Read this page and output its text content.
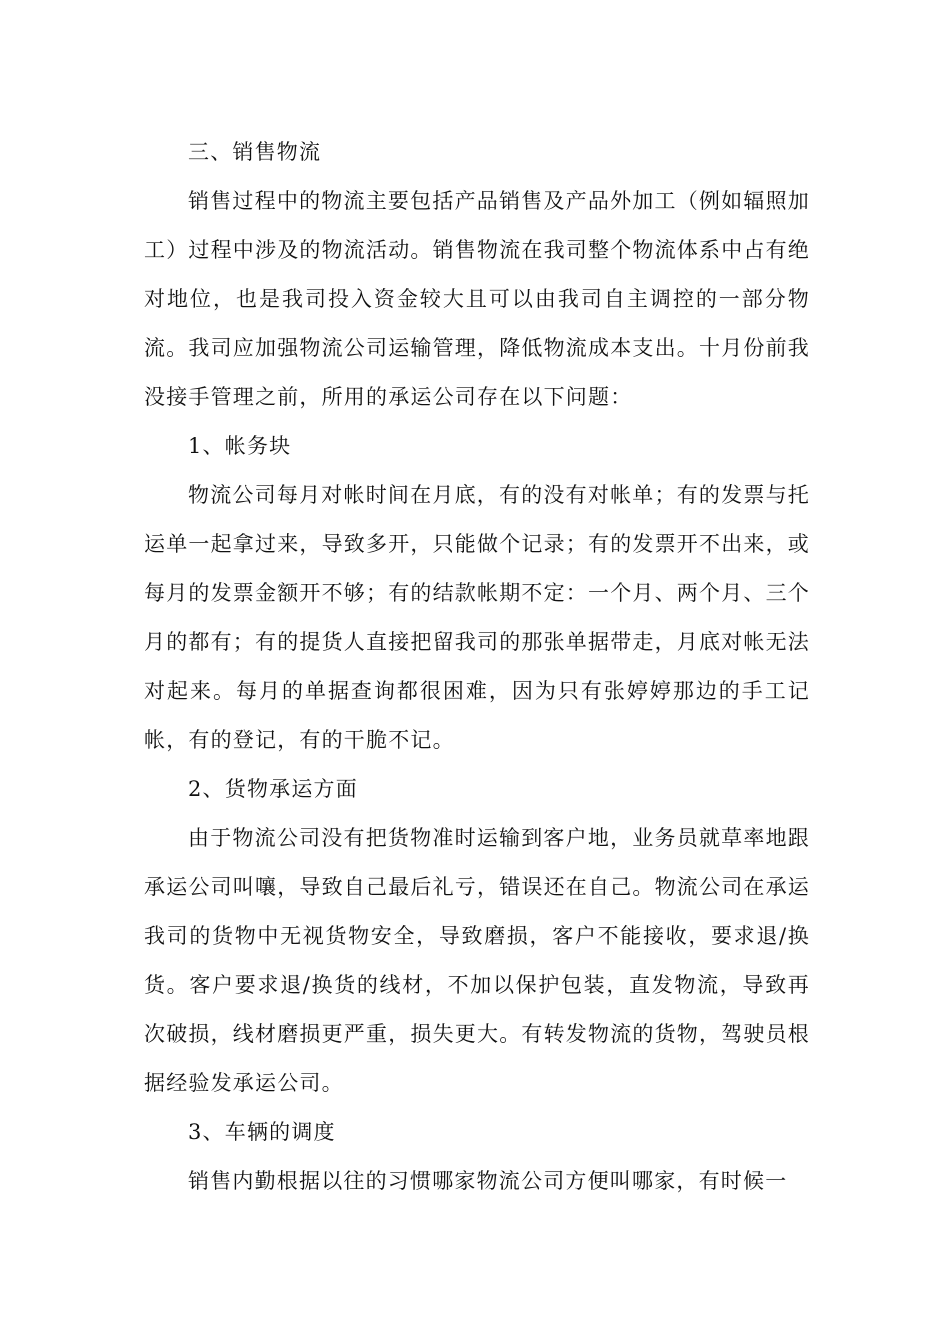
三、销售物流

销售过程中的物流主要包括产品销售及产品外加工（例如辐照加工）过程中涉及的物流活动。销售物流在我司整个物流体系中占有绝对地位，也是我司投入资金较大且可以由我司自主调控的一部分物流。我司应加强物流公司运输管理，降低物流成本支出。十月份前我没接手管理之前，所用的承运公司存在以下问题：

1、帐务块

物流公司每月对帐时间在月底，有的没有对帐单；有的发票与托运单一起拿过来，导致多开，只能做个记录；有的发票开不出来，或每月的发票金额开不够；有的结款帐期不定：一个月、两个月、三个月的都有；有的提货人直接把留我司的那张单据带走，月底对帐无法对起来。每月的单据查询都很困难，因为只有张婷婷那边的手工记帐，有的登记，有的干脆不记。

2、货物承运方面

由于物流公司没有把货物准时运输到客户地，业务员就草率地跟承运公司叫嚷，导致自己最后礼亏，错误还在自己。物流公司在承运我司的货物中无视货物安全，导致磨损，客户不能接收，要求退/换货。客户要求退/换货的线材，不加以保护包装，直发物流，导致再次破损，线材磨损更严重，损失更大。有转发物流的货物，驾驶员根据经验发承运公司。

3、车辆的调度

销售内勤根据以往的习惯哪家物流公司方便叫哪家，有时候一
